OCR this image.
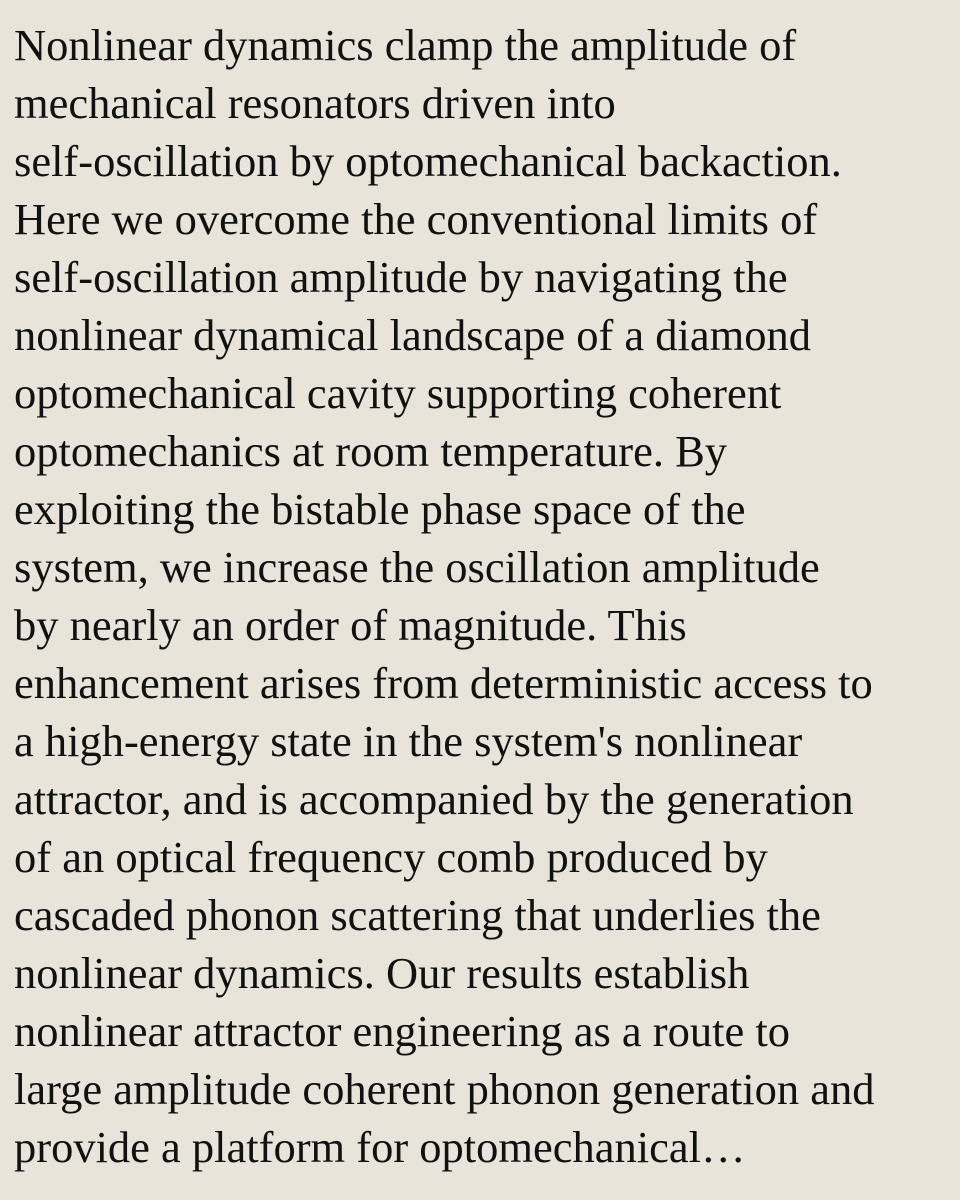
Nonlinear dynamics clamp the amplitude of
mechanical resonators driven into
self-oscillation by optomechanical backaction.
Here we overcome the conventional limits of
self-oscillation amplitude by navigating the
nonlinear dynamical landscape of a diamond
optomechanical cavity supporting coherent
optomechanics at room temperature. By
exploiting the bistable phase space of the
system, we increase the oscillation amplitude
by nearly an order of magnitude. This
enhancement arises from deterministic access to
a high-energy state in the system's nonlinear
attractor, and is accompanied by the generation
of an optical frequency comb produced by
cascaded phonon scattering that underlies the
nonlinear dynamics. Our results establish
nonlinear attractor engineering as a route to
large amplitude coherent phonon generation and
provide a platform for optomechanical…
